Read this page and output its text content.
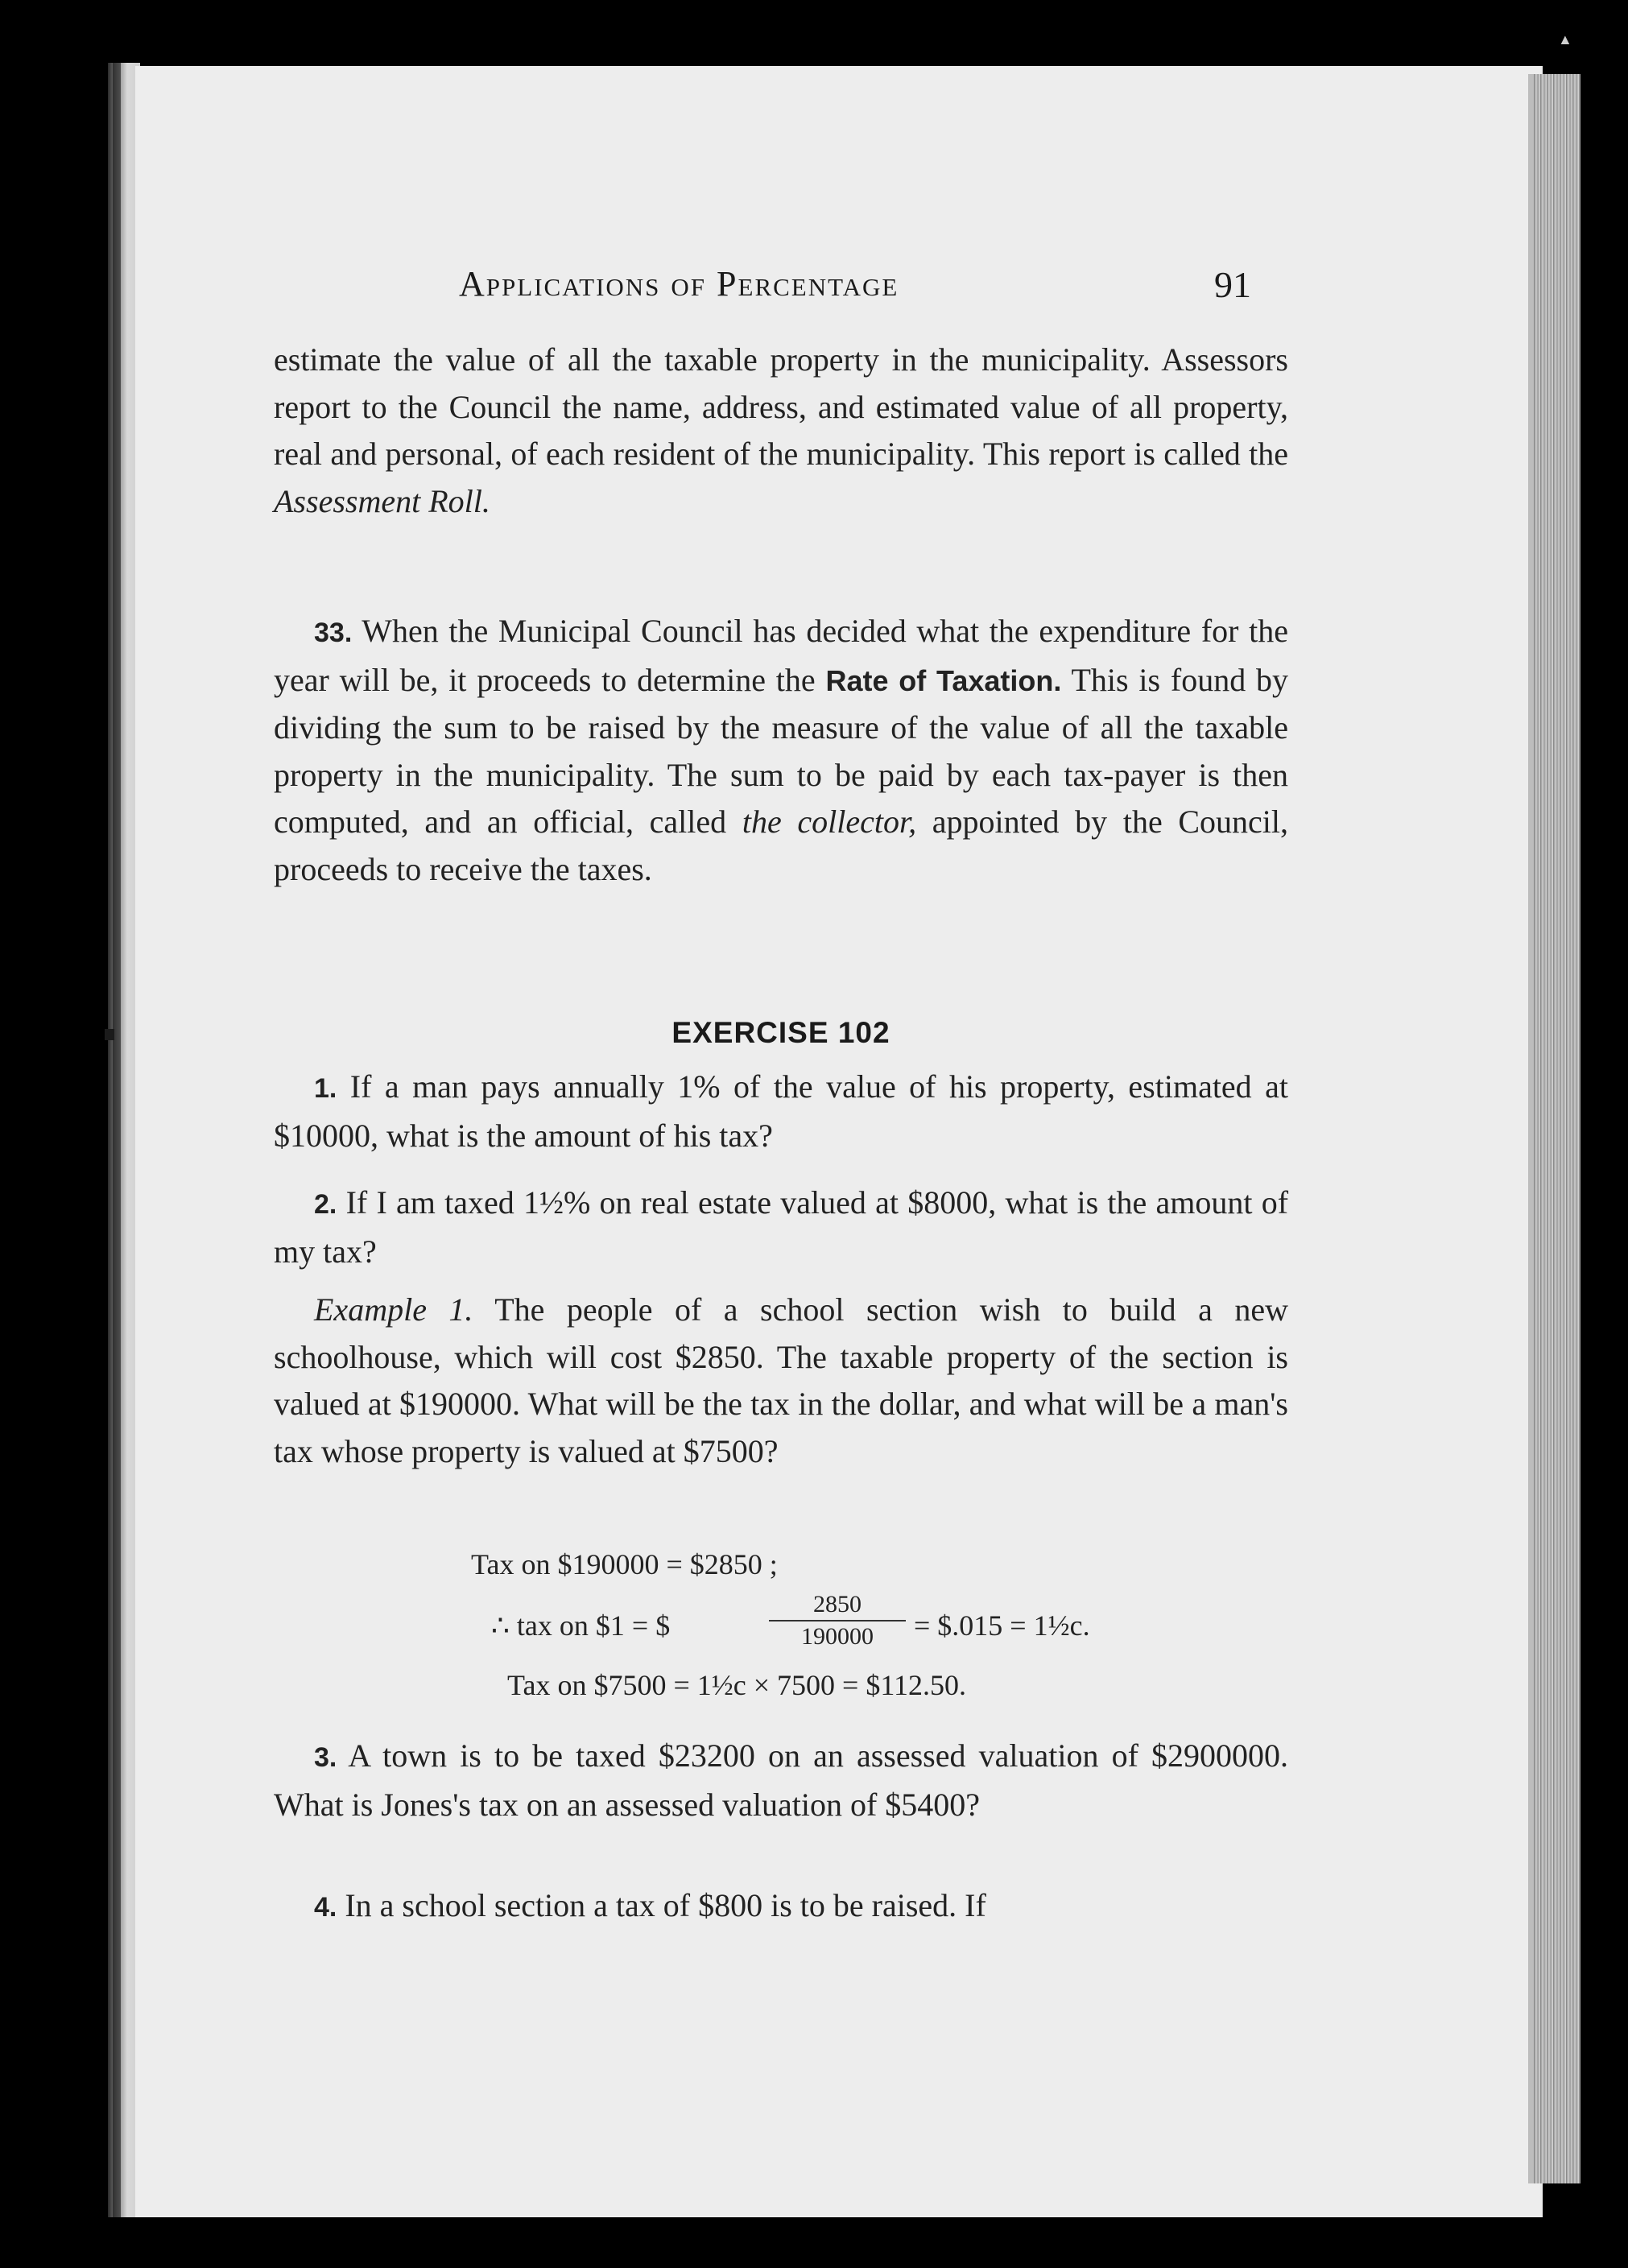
▲
Applications of Percentage	91
estimate the value of all the taxable property in the municipality. Assessors report to the Council the name, address, and estimated value of all property, real and personal, of each resident of the municipality. This report is called the Assessment Roll.
33. When the Municipal Council has decided what the expenditure for the year will be, it proceeds to determine the Rate of Taxation. This is found by dividing the sum to be raised by the measure of the value of all the taxable property in the municipality. The sum to be paid by each tax-payer is then computed, and an official, called the collector, appointed by the Council, proceeds to receive the taxes.
EXERCISE 102
1. If a man pays annually 1% of the value of his property, estimated at $10000, what is the amount of his tax?
2. If I am taxed 1½% on real estate valued at $8000, what is the amount of my tax?
Example 1. The people of a school section wish to build a new schoolhouse, which will cost $2850. The taxable property of the section is valued at $190000. What will be the tax in the dollar, and what will be a man's tax whose property is valued at $7500?
Tax on $190000 = $2850 ;
∴ tax on $1 = $	$\frac{2850}{190000}$ = $.015 = 1½c.
Tax on $7500 = 1½c × 7500 = $112.50.
3. A town is to be taxed $23200 on an assessed valuation of $2900000. What is Jones's tax on an assessed valuation of $5400?
4. In a school section a tax of $800 is to be raised. If
